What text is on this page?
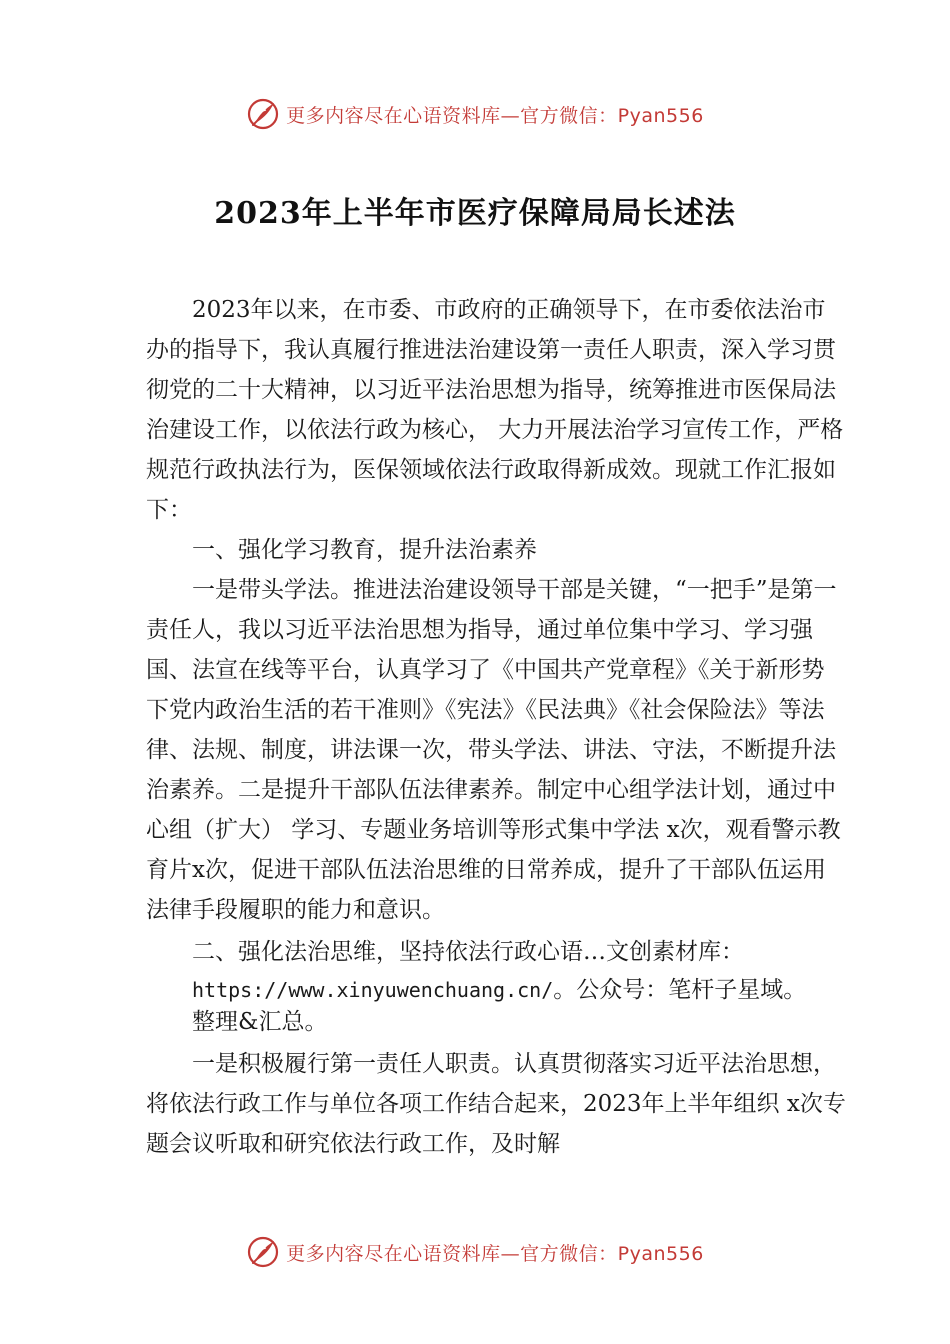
更多内容尽在心语资料库—官方微信：Pyan556
2023年上半年市医疗保障局局长述法

2023年以来，在市委、市政府的正确领导下，在市委依法治市办的指导下，我认真履行推进法治建设第一责任人职责，深入学习贯彻党的二十大精神，以习近平法治思想为指导，统筹推进市医保局法治建设工作，以依法行政为核心， 大力开展法治学习宣传工作，严格规范行政执法行为，医保领域依法行政取得新成效。现就工作汇报如下：

一、强化学习教育，提升法治素养

一是带头学法。推进法治建设领导干部是关键，“一把手”是第一责任人，我以习近平法治思想为指导，通过单位集中学习、学习强国、法宣在线等平台，认真学习了《中国共产党章程》《关于新形势下党内政治生活的若干准则》《宪法》《民法典》《社会保险法》等法律、法规、制度，讲法课一次，带头学法、讲法、守法，不断提升法治素养。二是提升干部队伍法律素养。制定中心组学法计划，通过中心组（扩大） 学习、专题业务培训等形式集中学法 x次，观看警示教育片x次，促进干部队伍法治思维的日常养成，提升了干部队伍运用法律手段履职的能力和意识。

二、强化法治思维，坚持依法行政心语…文创素材库：

https://www.xinyuwenchuang.cn/。公众号：笔杆子星域。
整理&汇总。

一是积极履行第一责任人职责。认真贯彻落实习近平法治思想，将依法行政工作与单位各项工作结合起来，2023年上半年组织 x次专题会议听取和研究依法行政工作，及时解

更多内容尽在心语资料库—官方微信：Pyan556
